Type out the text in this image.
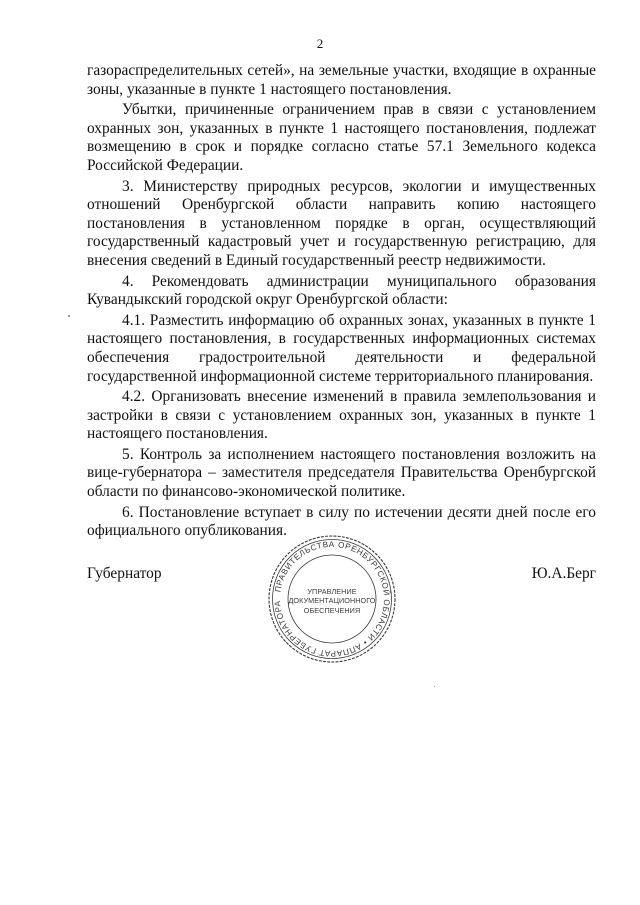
2

газораспределительных сетей», на земельные участки, входящие в охранные зоны, указанные в пункте 1 настоящего постановления.

Убытки, причиненные ограничением прав в связи с установлением охранных зон, указанных в пункте 1 настоящего постановления, подлежат возмещению в срок и порядке согласно статье 57.1 Земельного кодекса Российской Федерации.

3. Министерству природных ресурсов, экологии и имущественных отношений Оренбургской области направить копию настоящего постановления в установленном порядке в орган, осуществляющий государственный кадастровый учет и государственную регистрацию, для внесения сведений в Единый государственный реестр недвижимости.

4. Рекомендовать администрации муниципального образования Кувандыкский городской округ Оренбургской области:

4.1. Разместить информацию об охранных зонах, указанных в пункте 1 настоящего постановления, в государственных информационных системах обеспечения градостроительной деятельности и федеральной государственной информационной системе территориального планирования.

4.2. Организовать внесение изменений в правила землепользования и застройки в связи с установлением охранных зон, указанных в пункте 1 настоящего постановления.

5. Контроль за исполнением настоящего постановления возложить на вице-губернатора – заместителя председателя Правительства Оренбургской области по финансово-экономической политике.

6. Постановление вступает в силу по истечении десяти дней после его официального опубликования.

Губернатор	Ю.А.Берг
ПРАВИТЕЛЬСТВА ОРЕНБУРГСКОЙ ОБЛАСТИ • АППАРАТ ГУБЕРНАТОРА
УПРАВЛЕНИЕ
ДОКУМЕНТАЦИОННОГО
ОБЕСПЕЧЕНИЯ
